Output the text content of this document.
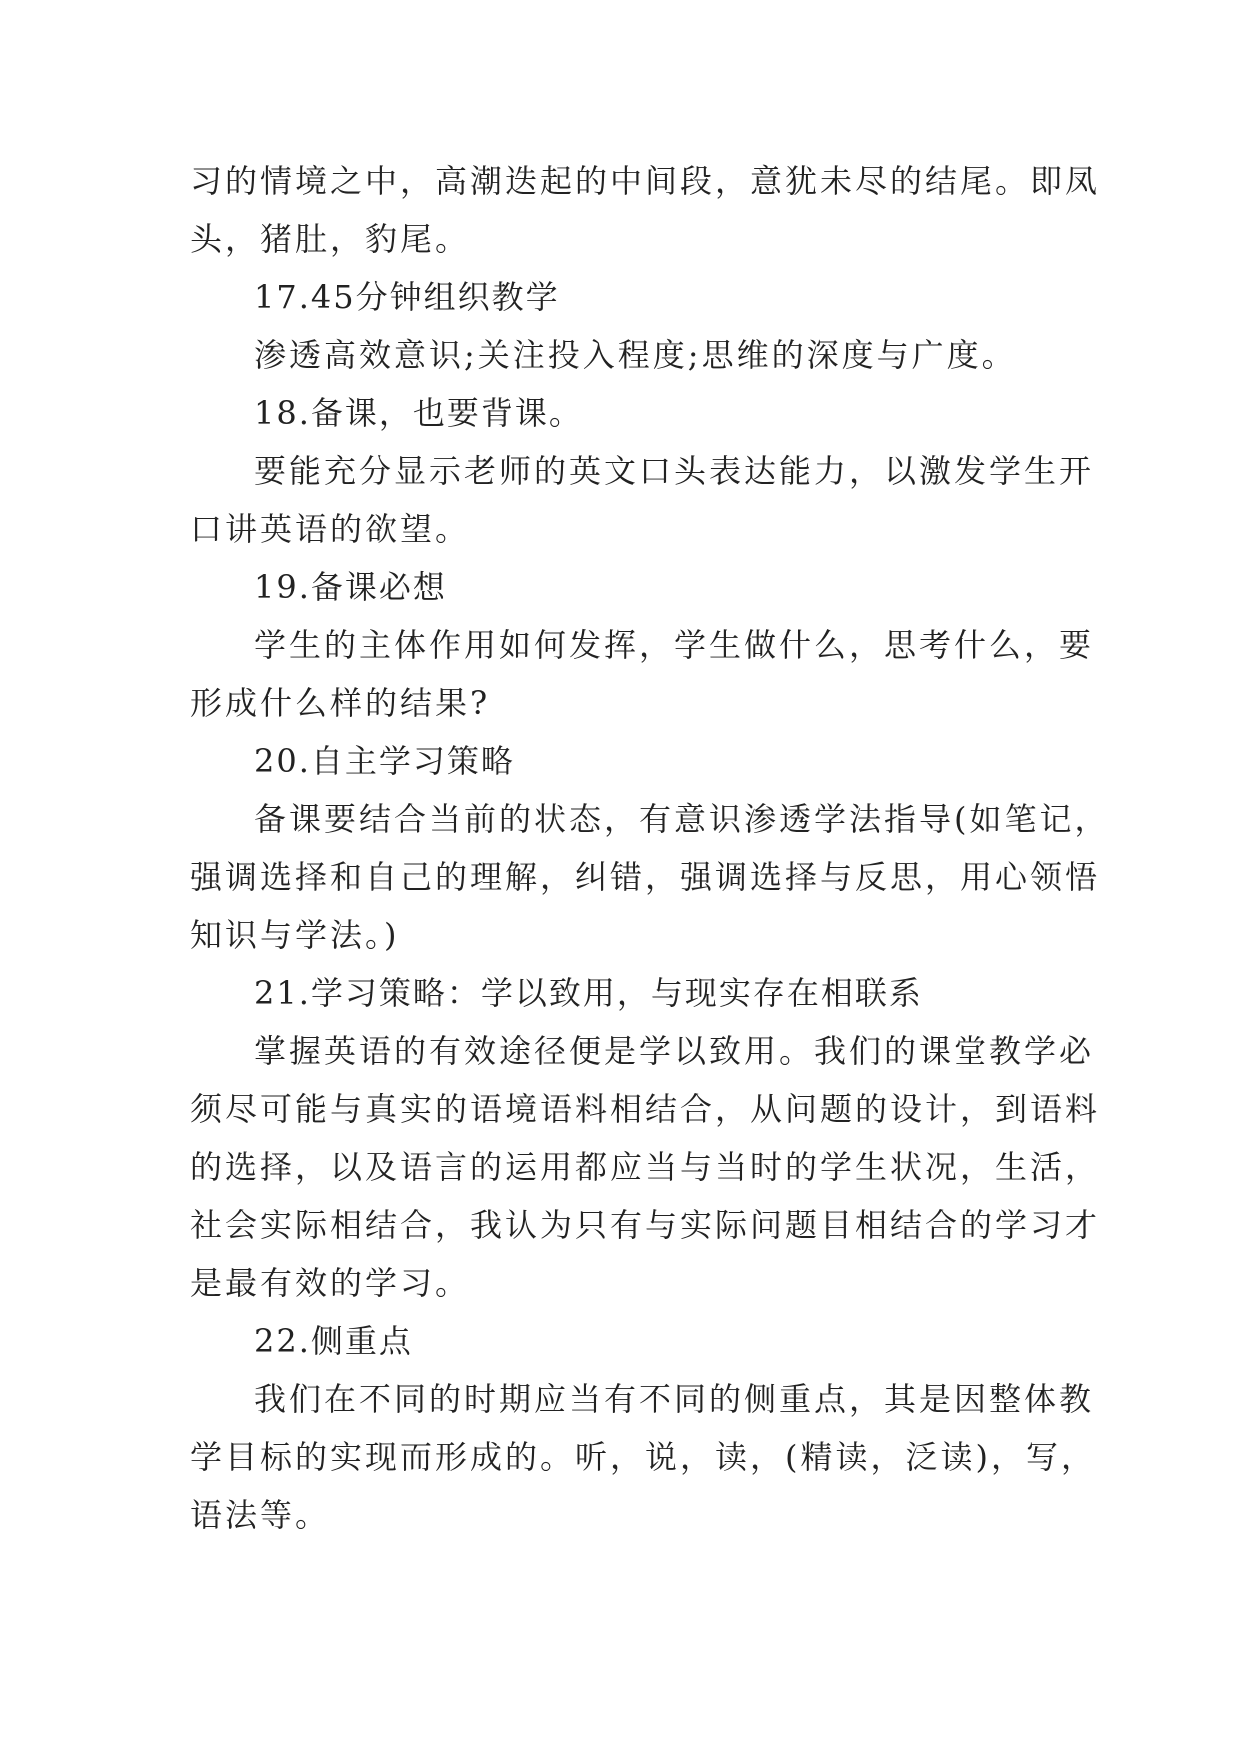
习的情境之中，高潮迭起的中间段，意犹未尽的结尾。即凤
头，猪肚，豹尾。
17.45分钟组织教学
渗透高效意识;关注投入程度;思维的深度与广度。
18.备课，也要背课。
要能充分显示老师的英文口头表达能力，以激发学生开
口讲英语的欲望。
19.备课必想
学生的主体作用如何发挥，学生做什么，思考什么，要
形成什么样的结果?
20.自主学习策略
备课要结合当前的状态，有意识渗透学法指导(如笔记，
强调选择和自己的理解，纠错，强调选择与反思，用心领悟
知识与学法。)
21.学习策略：学以致用，与现实存在相联系
掌握英语的有效途径便是学以致用。我们的课堂教学必
须尽可能与真实的语境语料相结合，从问题的设计，到语料
的选择，以及语言的运用都应当与当时的学生状况，生活，
社会实际相结合，我认为只有与实际问题目相结合的学习才
是最有效的学习。
22.侧重点
我们在不同的时期应当有不同的侧重点，其是因整体教
学目标的实现而形成的。听，说，读，(精读，泛读)，写，
语法等。
